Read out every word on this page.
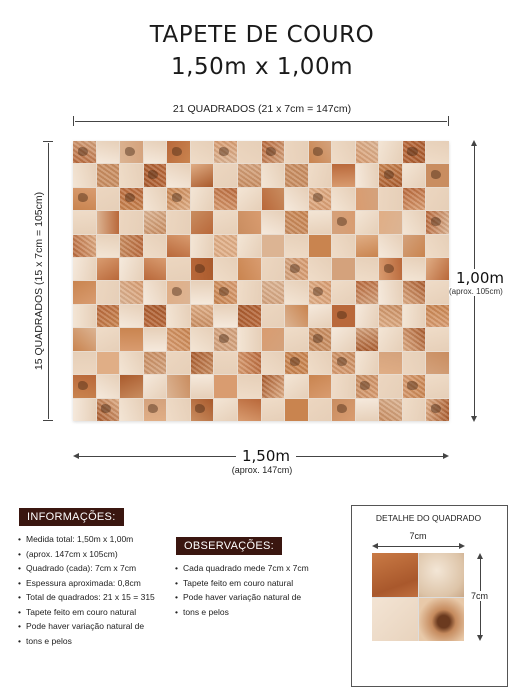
TAPETE DE COURO
1,50m x 1,00m
21 QUADRADOS (21 x 7cm = 147cm)
15 QUADRADOS (15 x 7cm = 105cm)	1,00m
(aprox. 105cm)
1,50m
(aprox. 147cm)
INFORMAÇÕES:
• Medida total: 1,50m x 1,00m
• (aprox. 147cm x 105cm)
• Quadrado (cada): 7cm x 7cm
• Espessura aproximada: 0,8cm
• Total de quadrados: 21 x 15 = 315
• Tapete feito em couro natural
• Pode haver variação natural de
• tons e pelos
OBSERVAÇÕES:
• Cada quadrado mede 7cm x 7cm
• Tapete feito em couro natural
• Pode haver variação natural de
• tons e pelos
DETALHE DO QUADRADO
7cm
7cm
